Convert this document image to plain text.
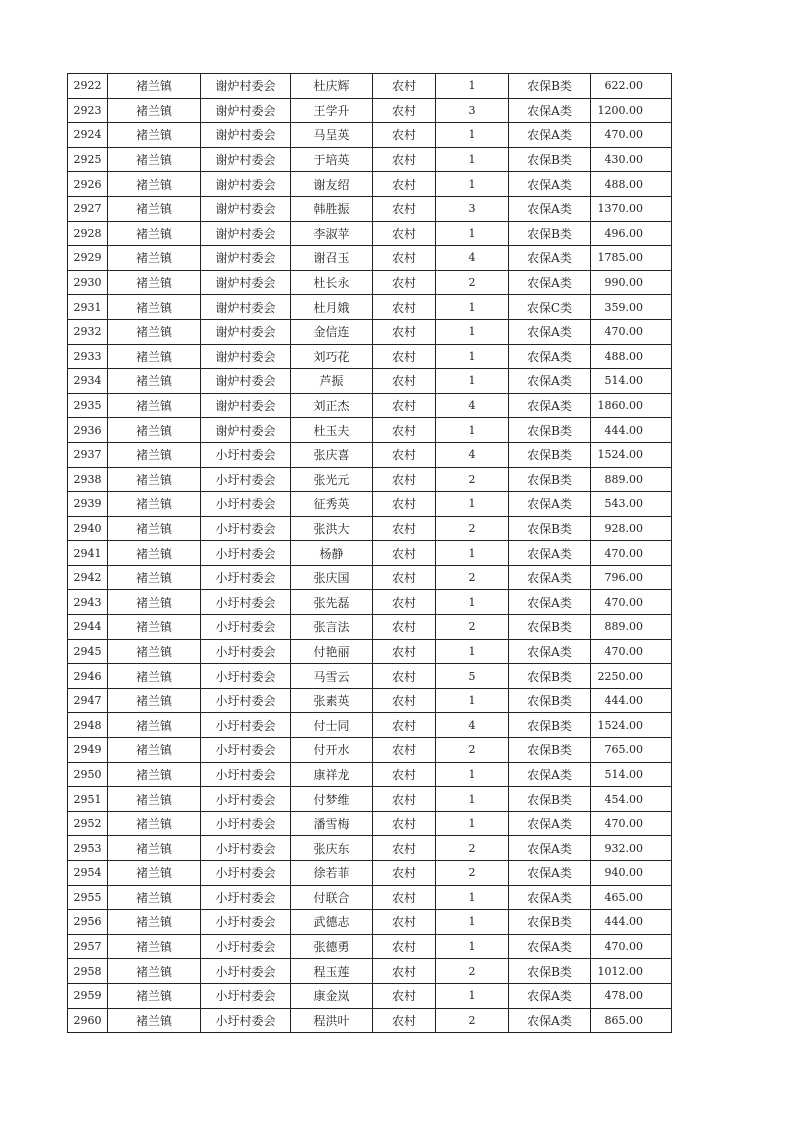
2922	褚兰镇	谢炉村委会	杜庆辉	农村	1	农保B类	622.00
2923	褚兰镇	谢炉村委会	王学升	农村	3	农保A类	1200.00
2924	褚兰镇	谢炉村委会	马呈英	农村	1	农保A类	470.00
2925	褚兰镇	谢炉村委会	于培英	农村	1	农保B类	430.00
2926	褚兰镇	谢炉村委会	谢友绍	农村	1	农保A类	488.00
2927	褚兰镇	谢炉村委会	韩胜振	农村	3	农保A类	1370.00
2928	褚兰镇	谢炉村委会	李淑苹	农村	1	农保B类	496.00
2929	褚兰镇	谢炉村委会	谢召玉	农村	4	农保A类	1785.00
2930	褚兰镇	谢炉村委会	杜长永	农村	2	农保A类	990.00
2931	褚兰镇	谢炉村委会	杜月娥	农村	1	农保C类	359.00
2932	褚兰镇	谢炉村委会	金信连	农村	1	农保A类	470.00
2933	褚兰镇	谢炉村委会	刘巧花	农村	1	农保A类	488.00
2934	褚兰镇	谢炉村委会	芦振	农村	1	农保A类	514.00
2935	褚兰镇	谢炉村委会	刘正杰	农村	4	农保A类	1860.00
2936	褚兰镇	谢炉村委会	杜玉夫	农村	1	农保B类	444.00
2937	褚兰镇	小圩村委会	张庆喜	农村	4	农保B类	1524.00
2938	褚兰镇	小圩村委会	张光元	农村	2	农保B类	889.00
2939	褚兰镇	小圩村委会	征秀英	农村	1	农保A类	543.00
2940	褚兰镇	小圩村委会	张洪大	农村	2	农保B类	928.00
2941	褚兰镇	小圩村委会	杨静	农村	1	农保A类	470.00
2942	褚兰镇	小圩村委会	张庆国	农村	2	农保A类	796.00
2943	褚兰镇	小圩村委会	张先磊	农村	1	农保A类	470.00
2944	褚兰镇	小圩村委会	张言法	农村	2	农保B类	889.00
2945	褚兰镇	小圩村委会	付艳丽	农村	1	农保A类	470.00
2946	褚兰镇	小圩村委会	马雪云	农村	5	农保B类	2250.00
2947	褚兰镇	小圩村委会	张素英	农村	1	农保B类	444.00
2948	褚兰镇	小圩村委会	付士同	农村	4	农保B类	1524.00
2949	褚兰镇	小圩村委会	付开水	农村	2	农保B类	765.00
2950	褚兰镇	小圩村委会	康祥龙	农村	1	农保A类	514.00
2951	褚兰镇	小圩村委会	付梦维	农村	1	农保B类	454.00
2952	褚兰镇	小圩村委会	潘雪梅	农村	1	农保A类	470.00
2953	褚兰镇	小圩村委会	张庆东	农村	2	农保A类	932.00
2954	褚兰镇	小圩村委会	徐若菲	农村	2	农保A类	940.00
2955	褚兰镇	小圩村委会	付联合	农村	1	农保A类	465.00
2956	褚兰镇	小圩村委会	武德志	农村	1	农保B类	444.00
2957	褚兰镇	小圩村委会	张德勇	农村	1	农保A类	470.00
2958	褚兰镇	小圩村委会	程玉莲	农村	2	农保B类	1012.00
2959	褚兰镇	小圩村委会	康金岚	农村	1	农保A类	478.00
2960	褚兰镇	小圩村委会	程洪叶	农村	2	农保A类	865.00
